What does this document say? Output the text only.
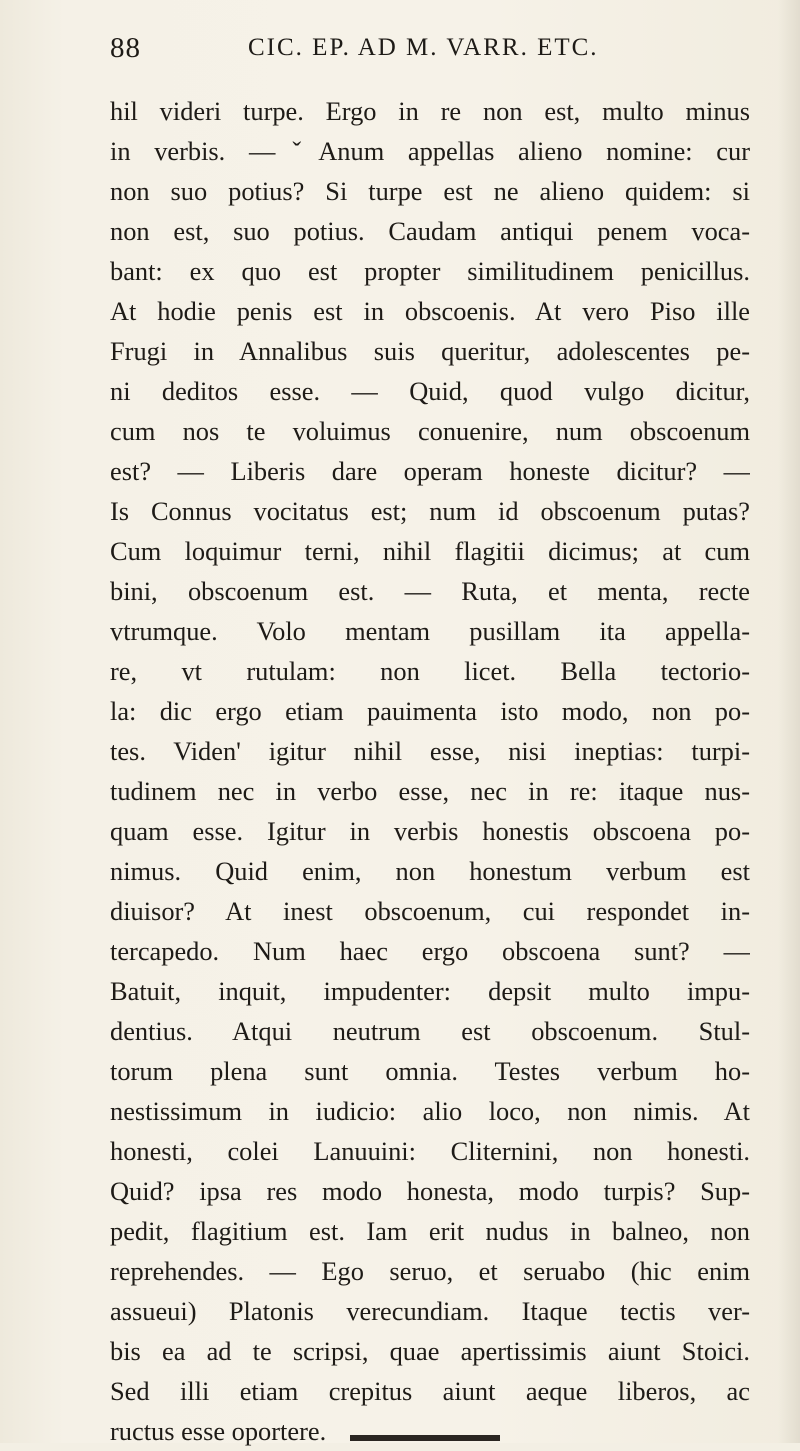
88	CIC. EP. AD M. VARR. ETC.
hil videri turpe. Ergo in re non est, multo minus
in verbis. —ˇAnum appellas alieno nomine: cur
non suo potius? Si turpe est ne alieno quidem: si
non est, suo potius. Caudam antiqui penem voca-
bant: ex quo est propter similitudinem penicillus.
At hodie penis est in obscoenis. At vero Piso ille
Frugi in Annalibus suis queritur, adolescentes pe-
ni deditos esse. — Quid, quod vulgo dicitur,
cum nos te voluimus conuenire, num obscoenum
est? — Liberis dare operam honeste dicitur? —
Is Connus vocitatus est; num id obscoenum putas?
Cum loquimur terni, nihil flagitii dicimus; at cum
bini, obscoenum est. — Ruta, et menta, recte
vtrumque. Volo mentam pusillam ita appella-
re, vt rutulam: non licet. Bella tectorio-
la: dic ergo etiam pauimenta isto modo, non po-
tes. Viden' igitur nihil esse, nisi ineptias: turpi-
tudinem nec in verbo esse, nec in re: itaque nus-
quam esse. Igitur in verbis honestis obscoena po-
nimus. Quid enim, non honestum verbum est
diuisor? At inest obscoenum, cui respondet in-
tercapedo. Num haec ergo obscoena sunt? —
Batuit, inquit, impudenter: depsit multo impu-
dentius. Atqui neutrum est obscoenum. Stul-
torum plena sunt omnia. Testes verbum ho-
nestissimum in iudicio: alio loco, non nimis. At
honesti, colei Lanuuini: Cliternini, non honesti.
Quid? ipsa res modo honesta, modo turpis? Sup-
pedit, flagitium est. Iam erit nudus in balneo, non
reprehendes. — Ego seruo, et seruabo (hic enim
assueui) Platonis verecundiam. Itaque tectis ver-
bis ea ad te scripsi, quae apertissimis aiunt Stoici.
Sed illi etiam crepitus aiunt aeque liberos, ac
ructus esse oportere.
